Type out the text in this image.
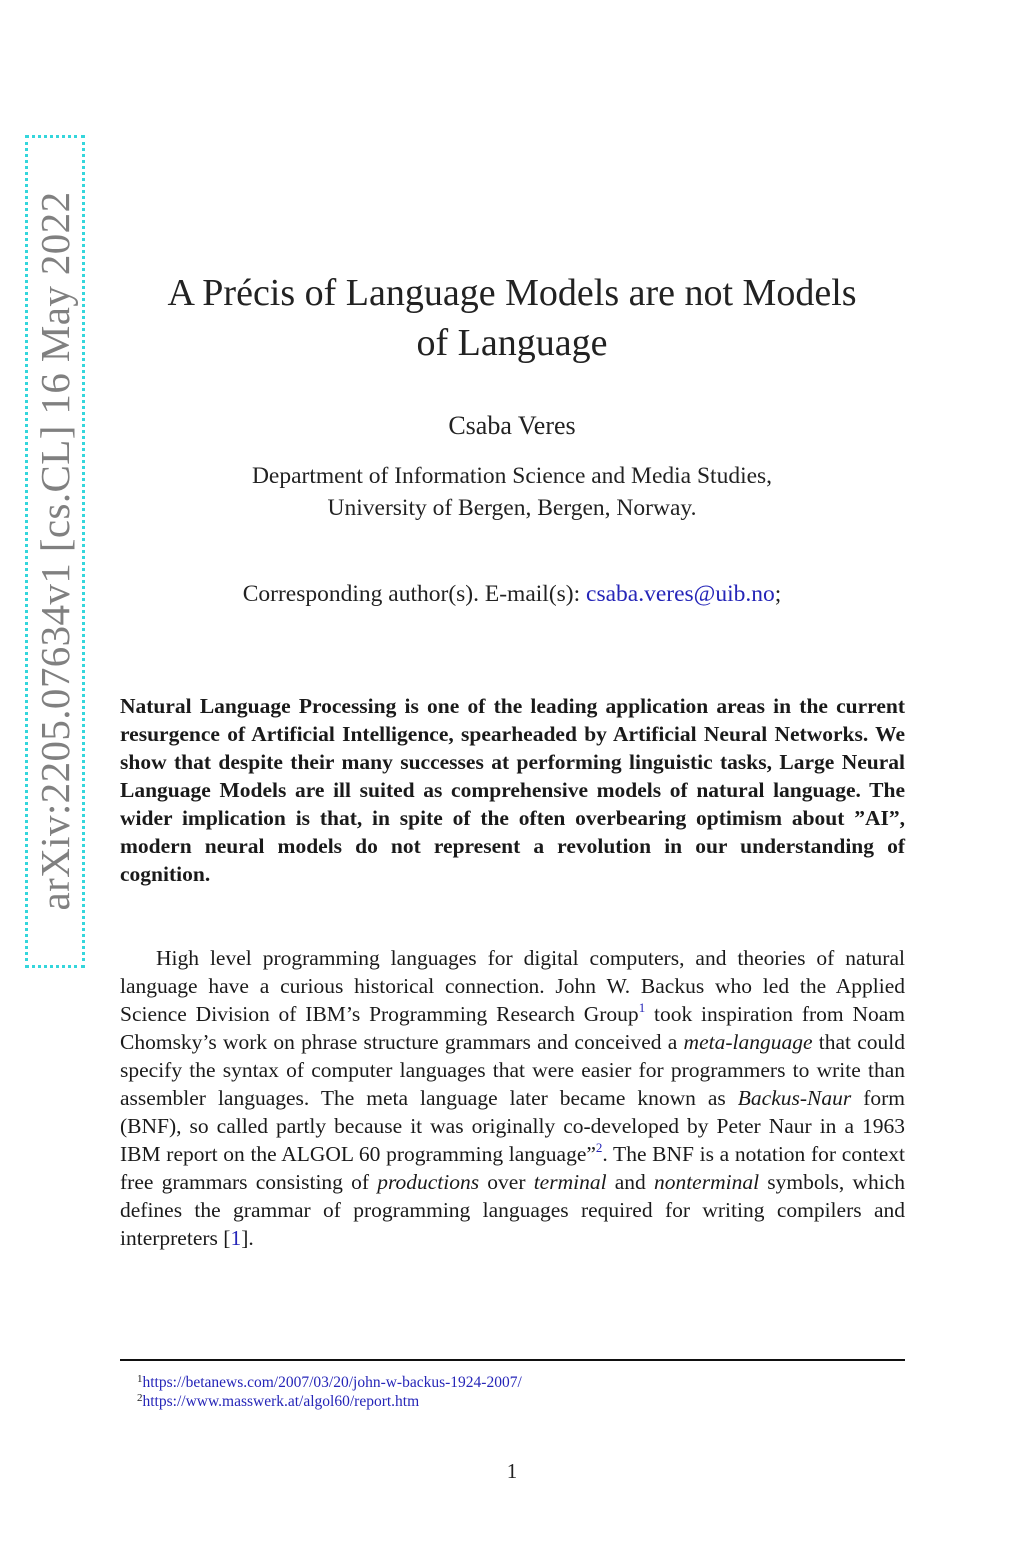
arXiv:2205.07634v1 [cs.CL] 16 May 2022	A Précis of Language Models are not Models
of Language
Csaba Veres
Department of Information Science and Media Studies,
University of Bergen, Bergen, Norway.
Corresponding author(s). E-mail(s): csaba.veres@uib.no;

Natural Language Processing is one of the leading application areas in the current resurgence of Artificial Intelligence, spearheaded by Artificial Neural Networks. We show that despite their many successes at performing linguistic tasks, Large Neural Language Models are ill suited as comprehensive models of natural language. The wider implication is that, in spite of the often overbearing optimism about ”AI”, modern neural models do not represent a revolution in our understanding of cognition.

High level programming languages for digital computers, and theories of natural language have a curious historical connection. John W. Backus who led the Applied Science Division of IBM’s Programming Research Group$^1$ took inspiration from Noam Chomsky’s work on phrase structure grammars and conceived a meta-language that could specify the syntax of computer languages that were easier for programmers to write than assembler languages. The meta language later became known as Backus-Naur form (BNF), so called partly because it was originally co-developed by Peter Naur in a 1963 IBM report on the ALGOL 60 programming language”$^2$. The BNF is a notation for context free grammars consisting of productions over terminal and nonterminal symbols, which defines the grammar of programming languages required for writing compilers and interpreters [1].

$^1$https://betanews.com/2007/03/20/john-w-backus-1924-2007/
$^2$https://www.masswerk.at/algol60/report.htm
1
